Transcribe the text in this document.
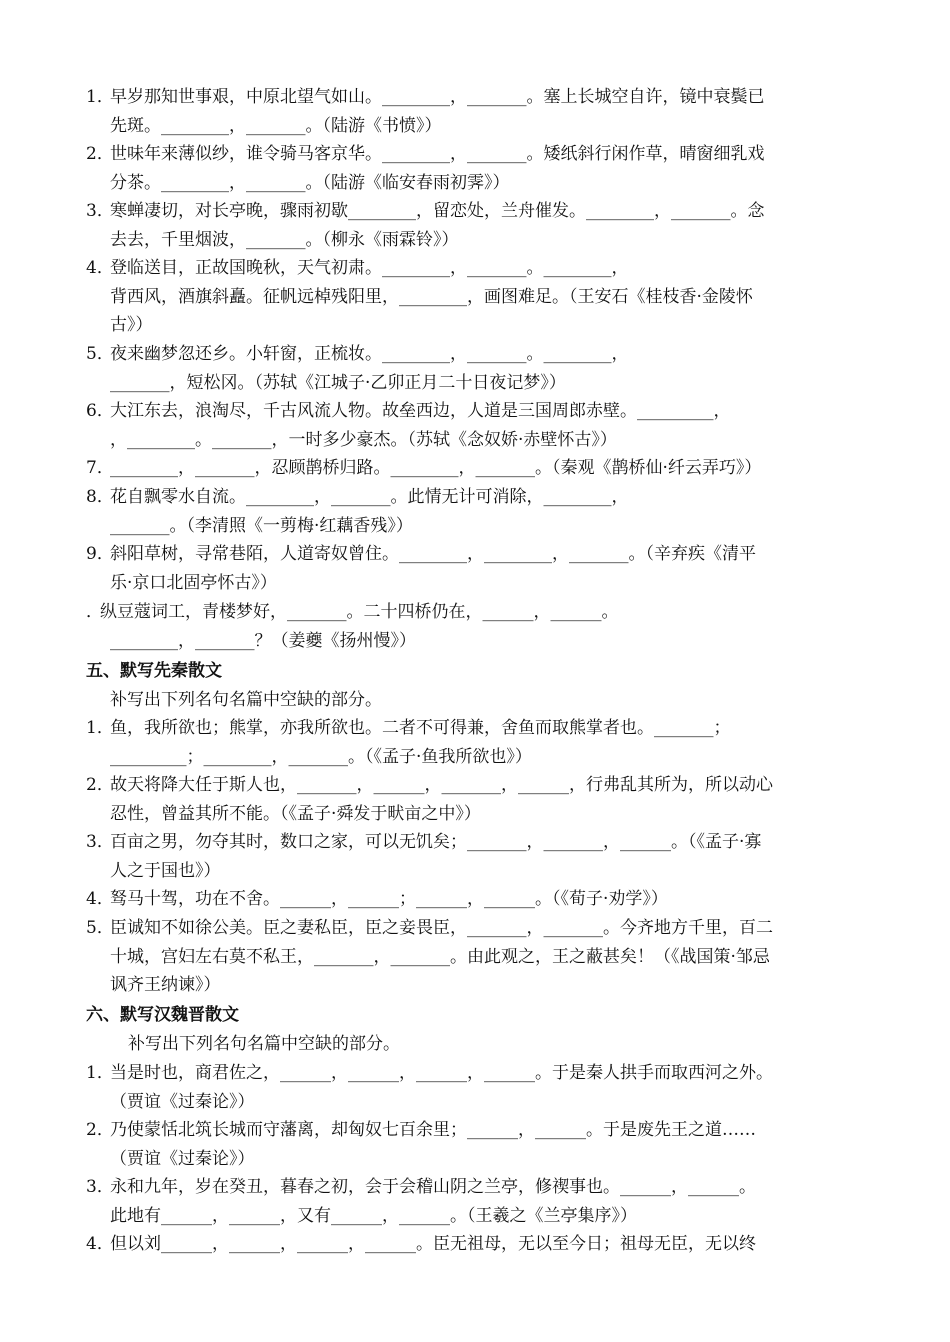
1．早岁那知世事艰，中原北望气如山。________，_______。塞上长城空自许，镜中衰鬓已
先斑。________，_______。（陆游《书愤》）
2．世味年来薄似纱，谁令骑马客京华。________，_______。矮纸斜行闲作草，晴窗细乳戏
分茶。________，_______。（陆游《临安春雨初霁》）
3．寒蝉凄切，对长亭晚，骤雨初歇________，留恋处，兰舟催发。________，_______。念
去去，千里烟波，_______。（柳永《雨霖铃》）
4．登临送目，正故国晚秋，天气初肃。________，_______。________，
背西风，酒旗斜矗。征帆远棹残阳里，________，画图难足。（王安石《桂枝香·金陵怀
古》）
5．夜来幽梦忽还乡。小轩窗，正梳妆。________，_______。________，
_______，短松冈。（苏轼《江城子·乙卯正月二十日夜记梦》）
6．大江东去，浪淘尽，千古风流人物。故垒西边，人道是三国周郎赤壁。_________，
，________。_______，一时多少豪杰。（苏轼《念奴娇·赤壁怀古》）
7．________，_______，忍顾鹊桥归路。________，_______。（秦观《鹊桥仙·纤云弄巧》）
8．花自飘零水自流。________，_______。此情无计可消除，________，
_______。（李清照《一剪梅·红藕香残》）
9．斜阳草树，寻常巷陌，人道寄奴曾住。________，________，_______。（辛弃疾《清平
乐·京口北固亭怀古》）
．纵豆蔻词工，青楼梦好，_______。二十四桥仍在，______，______。
________，_______？（姜夔《扬州慢》）
五、默写先秦散文
补写出下列名句名篇中空缺的部分。
1．鱼，我所欲也；熊掌，亦我所欲也。二者不可得兼，舍鱼而取熊掌者也。_______；
_________；________，_______。（《孟子·鱼我所欲也》）
2．故天将降大任于斯人也，_______，______，_______，______，行弗乱其所为，所以动心
忍性，曾益其所不能。（《孟子·舜发于畎亩之中》）
3．百亩之男，勿夺其时，数口之家，可以无饥矣；_______，_______，______。（《孟子·寡
人之于国也》）
4．驽马十驾，功在不舍。______，______；______，______。（《荀子·劝学》）
5．臣诚知不如徐公美。臣之妻私臣，臣之妾畏臣，_______，_______。今齐地方千里，百二
十城，宫妇左右莫不私王，_______，_______。由此观之，王之蔽甚矣！（《战国策·邹忌
讽齐王纳谏》）
六、默写汉魏晋散文
补写出下列名句名篇中空缺的部分。
1．当是时也，商君佐之，______，______，______，______。于是秦人拱手而取西河之外。
（贾谊《过秦论》）
2．乃使蒙恬北筑长城而守藩离，却匈奴七百余里；______，______。于是废先王之道……
（贾谊《过秦论》）
3．永和九年，岁在癸丑，暮春之初，会于会稽山阴之兰亭，修禊事也。______，______。
此地有______，______，又有______，______。（王羲之《兰亭集序》）
4．但以刘______，______，______，______。臣无祖母，无以至今日；祖母无臣，无以终
